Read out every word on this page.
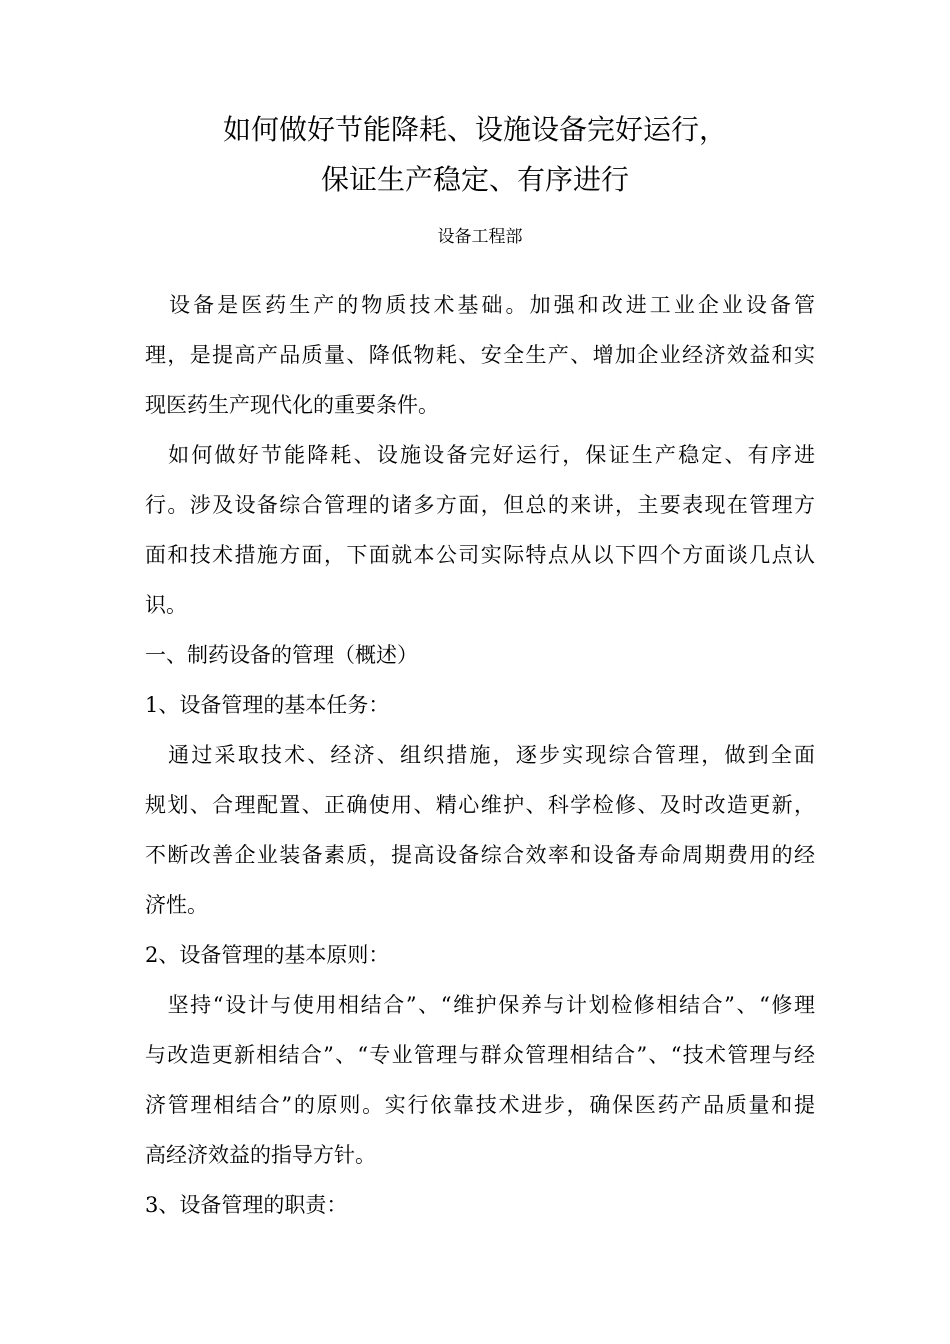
如何做好节能降耗、设施设备完好运行，
保证生产稳定、有序进行
设备工程部
　设备是医药生产的物质技术基础。加强和改进工业企业设备管
理，是提高产品质量、降低物耗、安全生产、增加企业经济效益和实
现医药生产现代化的重要条件。
　如何做好节能降耗、设施设备完好运行，保证生产稳定、有序进
行。涉及设备综合管理的诸多方面，但总的来讲，主要表现在管理方
面和技术措施方面，下面就本公司实际特点从以下四个方面谈几点认
识。
一、制药设备的管理（概述）
1、设备管理的基本任务：
　通过采取技术、经济、组织措施，逐步实现综合管理，做到全面
规划、合理配置、正确使用、精心维护、科学检修、及时改造更新，
不断改善企业装备素质，提高设备综合效率和设备寿命周期费用的经
济性。
2、设备管理的基本原则：
　坚持“设计与使用相结合”、“维护保养与计划检修相结合”、“修理
与改造更新相结合”、“专业管理与群众管理相结合”、“技术管理与经
济管理相结合”的原则。实行依靠技术进步，确保医药产品质量和提
高经济效益的指导方针。
3、设备管理的职责：
